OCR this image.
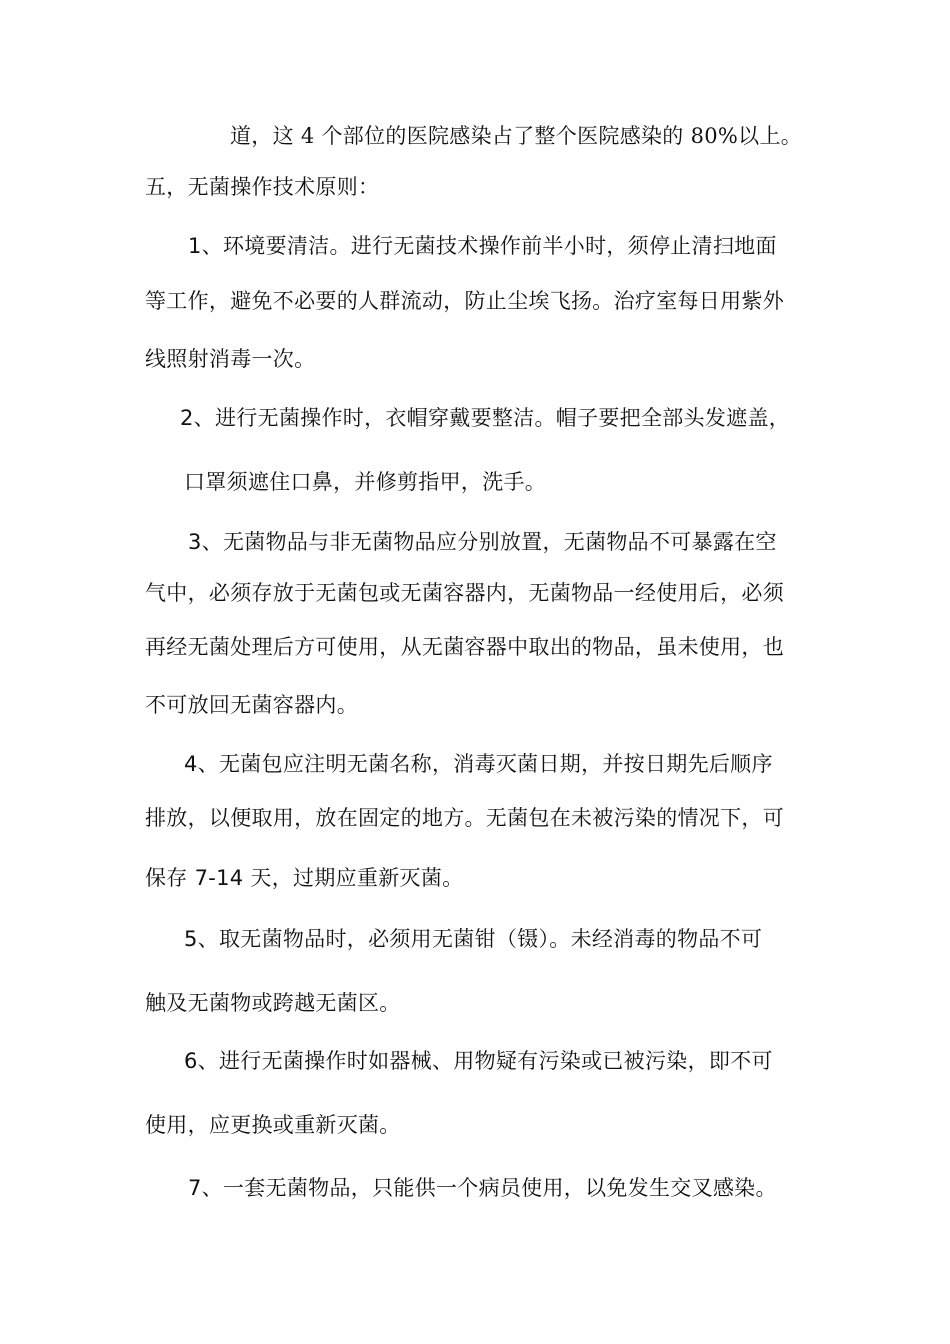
道，这 4 个部位的医院感染占了整个医院感染的 80%以上。
五，无菌操作技术原则：
1、环境要清洁。进行无菌技术操作前半小时，须停止清扫地面
等工作，避免不必要的人群流动，防止尘埃飞扬。治疗室每日用紫外
线照射消毒一次。
2、进行无菌操作时，衣帽穿戴要整洁。帽子要把全部头发遮盖，
口罩须遮住口鼻，并修剪指甲，洗手。
3、无菌物品与非无菌物品应分别放置，无菌物品不可暴露在空
气中，必须存放于无菌包或无菌容器内，无菌物品一经使用后，必须
再经无菌处理后方可使用，从无菌容器中取出的物品，虽未使用，也
不可放回无菌容器内。
4、无菌包应注明无菌名称，消毒灭菌日期，并按日期先后顺序
排放，以便取用，放在固定的地方。无菌包在未被污染的情况下，可
保存 7-14 天，过期应重新灭菌。
5、取无菌物品时，必须用无菌钳（镊）。未经消毒的物品不可
触及无菌物或跨越无菌区。
6、进行无菌操作时如器械、用物疑有污染或已被污染，即不可
使用，应更换或重新灭菌。
7、一套无菌物品，只能供一个病员使用，以免发生交叉感染。
